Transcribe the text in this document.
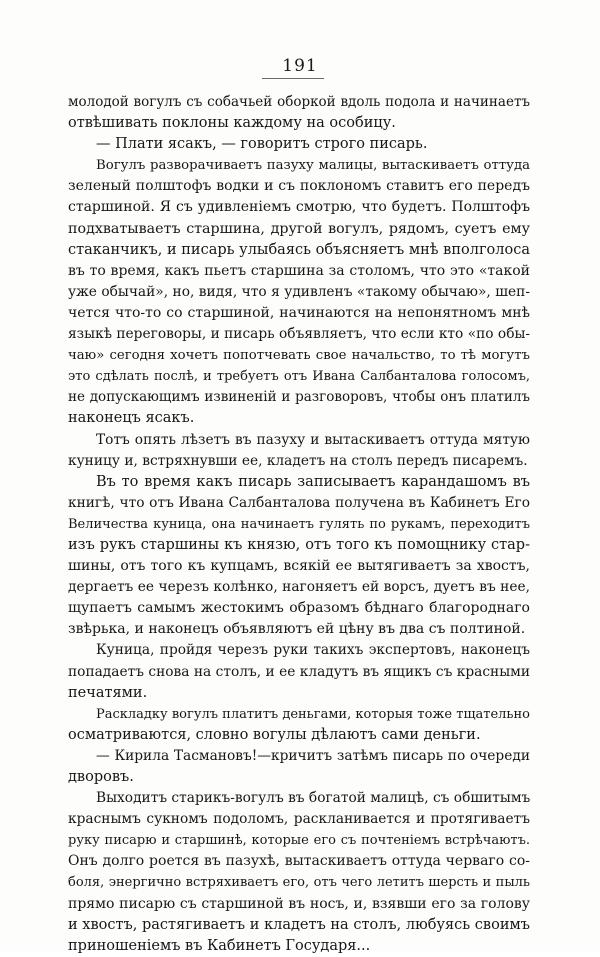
191
молодой вогулъ съ собачьей оборкой вдоль подола и начинаетъ
отвѣшивать поклоны каждому на особицу.
— Плати ясакъ, — говоритъ строго писарь.
Вогулъ разворачиваетъ пазуху малицы, вытаскиваетъ оттуда
зеленый полштофъ водки и съ поклономъ ставитъ его передъ
старшиной. Я съ удивленіемъ смотрю, что будетъ. Полштофъ
подхватываетъ старшина, другой вогулъ, рядомъ, суетъ ему
стаканчикъ, и писарь улыбаясь объясняетъ мнѣ вполголоса
въ то время, какъ пьетъ старшина за столомъ, что это «такой
уже обычай», но, видя, что я удивленъ «такому обычаю», шеп-
чется что-то со старшиной, начинаются на непонятномъ мнѣ
языкѣ переговоры, и писарь объявляетъ, что если кто «по обы-
чаю» сегодня хочетъ попотчевать свое начальство, то тѣ могутъ
это сдѣлать послѣ, и требуетъ отъ Ивана Салбанталова голосомъ,
не допускающимъ извиненій и разговоровъ, чтобы онъ платилъ
наконецъ ясакъ.
Тотъ опять лѣзетъ въ пазуху и вытаскиваетъ оттуда мятую
куницу и, встряхнувши ее, кладетъ на столъ передъ писаремъ.
Въ то время какъ писарь записываетъ карандашомъ въ
книгѣ, что отъ Ивана Салбанталова получена въ Кабинетъ Его
Величества куница, она начинаетъ гулять по рукамъ, переходитъ
изъ рукъ старшины къ князю, отъ того къ помощнику стар-
шины, отъ того къ купцамъ, всякій ее вытягиваетъ за хвостъ,
дергаетъ ее черезъ колѣнко, нагоняетъ ей ворсъ, дуетъ въ нее,
щупаетъ самымъ жестокимъ образомъ бѣднаго благороднаго
звѣрька, и наконецъ объявляютъ ей цѣну въ два съ полтиной.
Куница, пройдя черезъ руки такихъ экспертовъ, наконецъ
попадаетъ снова на столъ, и ее кладутъ въ ящикъ съ красными
печатями.
Раскладку вогулъ платитъ деньгами, которыя тоже тщательно
осматриваются, словно вогулы дѣлаютъ сами деньги.
— Кирила Тасмановъ!—кричитъ затѣмъ писарь по очереди
дворовъ.
Выходитъ старикъ-вогулъ въ богатой малицѣ, съ обшитымъ
краснымъ сукномъ подоломъ, раскланивается и протягиваетъ
руку писарю и старшинѣ, которые его съ почтеніемъ встрѣчаютъ.
Онъ долго роется въ пазухѣ, вытаскиваетъ оттуда черваго со-
боля, энергично встряхиваетъ его, отъ чего летитъ шерсть и пыль
прямо писарю съ старшиной въ носъ, и, взявши его за голову
и хвостъ, растягиваетъ и кладетъ на столъ, любуясь своимъ
приношеніемъ въ Кабинетъ Государя...
